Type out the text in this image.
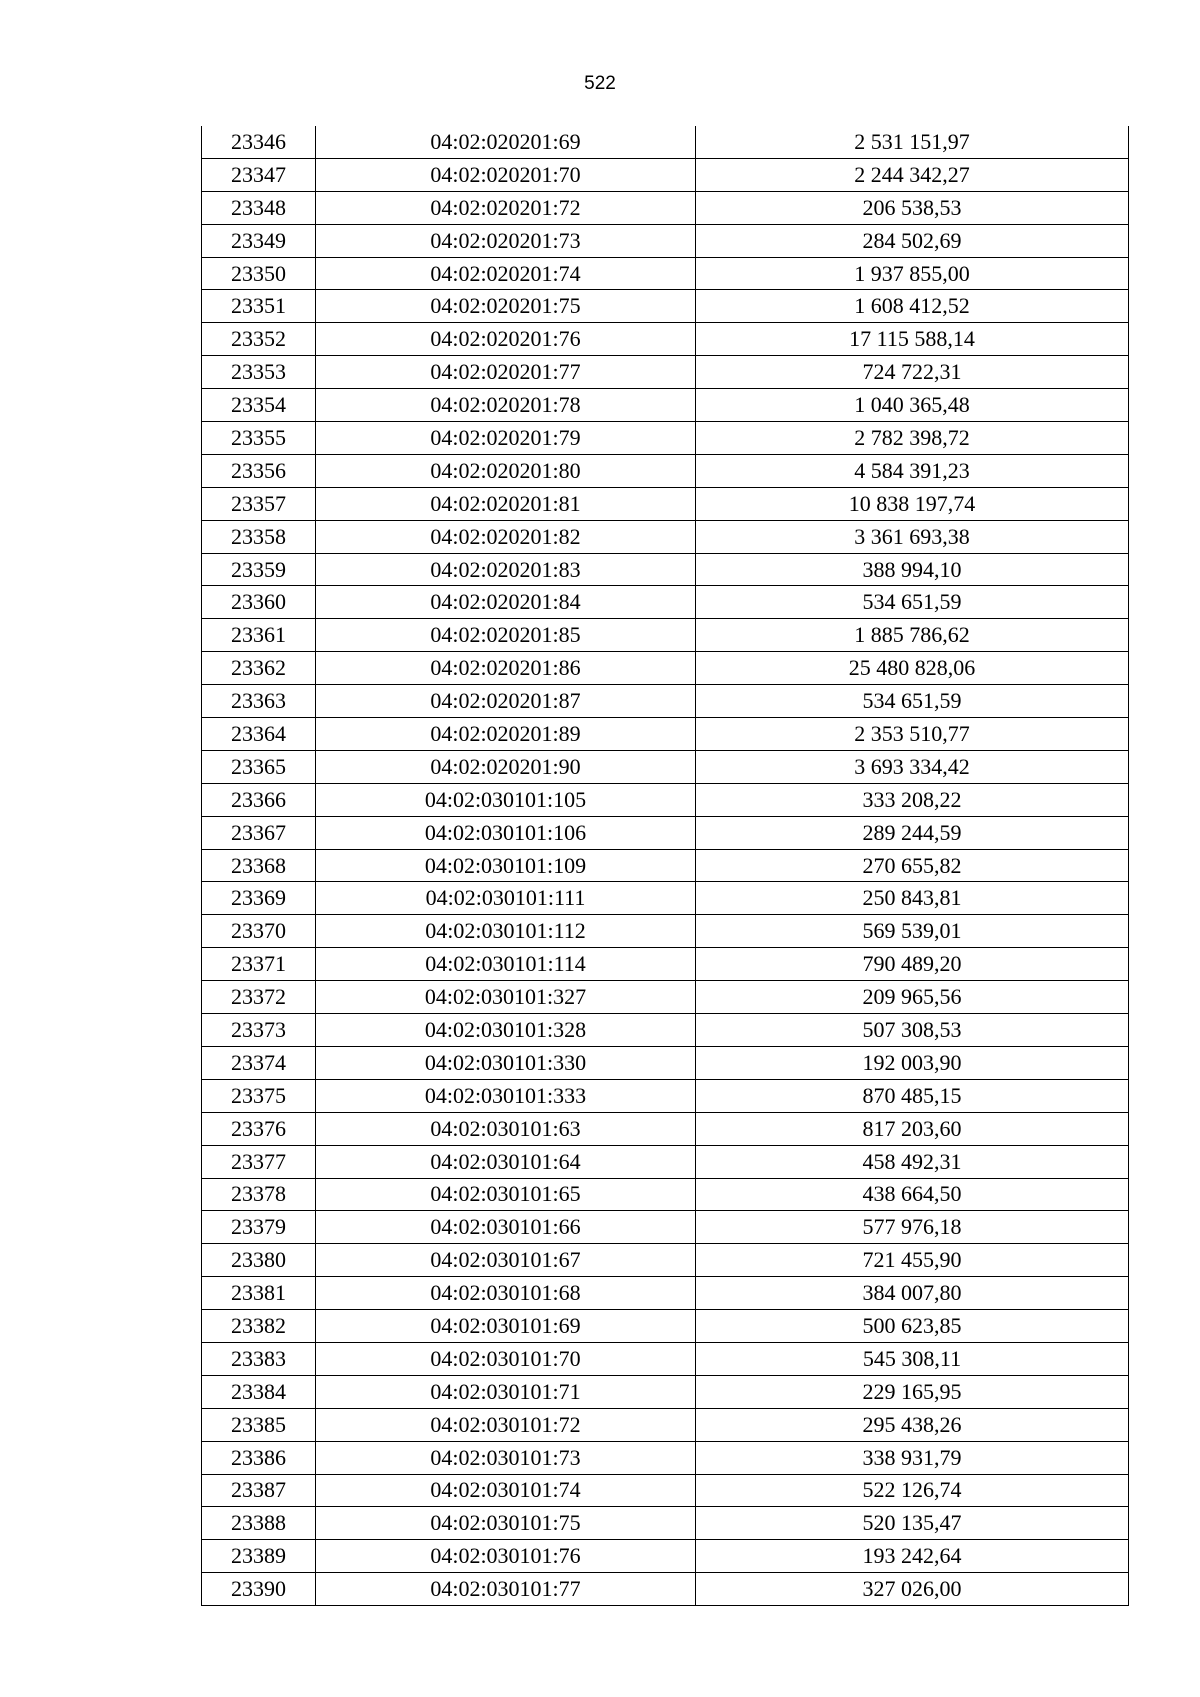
522
23346	04:02:020201:69	2 531 151,97
23347	04:02:020201:70	2 244 342,27
23348	04:02:020201:72	206 538,53
23349	04:02:020201:73	284 502,69
23350	04:02:020201:74	1 937 855,00
23351	04:02:020201:75	1 608 412,52
23352	04:02:020201:76	17 115 588,14
23353	04:02:020201:77	724 722,31
23354	04:02:020201:78	1 040 365,48
23355	04:02:020201:79	2 782 398,72
23356	04:02:020201:80	4 584 391,23
23357	04:02:020201:81	10 838 197,74
23358	04:02:020201:82	3 361 693,38
23359	04:02:020201:83	388 994,10
23360	04:02:020201:84	534 651,59
23361	04:02:020201:85	1 885 786,62
23362	04:02:020201:86	25 480 828,06
23363	04:02:020201:87	534 651,59
23364	04:02:020201:89	2 353 510,77
23365	04:02:020201:90	3 693 334,42
23366	04:02:030101:105	333 208,22
23367	04:02:030101:106	289 244,59
23368	04:02:030101:109	270 655,82
23369	04:02:030101:111	250 843,81
23370	04:02:030101:112	569 539,01
23371	04:02:030101:114	790 489,20
23372	04:02:030101:327	209 965,56
23373	04:02:030101:328	507 308,53
23374	04:02:030101:330	192 003,90
23375	04:02:030101:333	870 485,15
23376	04:02:030101:63	817 203,60
23377	04:02:030101:64	458 492,31
23378	04:02:030101:65	438 664,50
23379	04:02:030101:66	577 976,18
23380	04:02:030101:67	721 455,90
23381	04:02:030101:68	384 007,80
23382	04:02:030101:69	500 623,85
23383	04:02:030101:70	545 308,11
23384	04:02:030101:71	229 165,95
23385	04:02:030101:72	295 438,26
23386	04:02:030101:73	338 931,79
23387	04:02:030101:74	522 126,74
23388	04:02:030101:75	520 135,47
23389	04:02:030101:76	193 242,64
23390	04:02:030101:77	327 026,00
